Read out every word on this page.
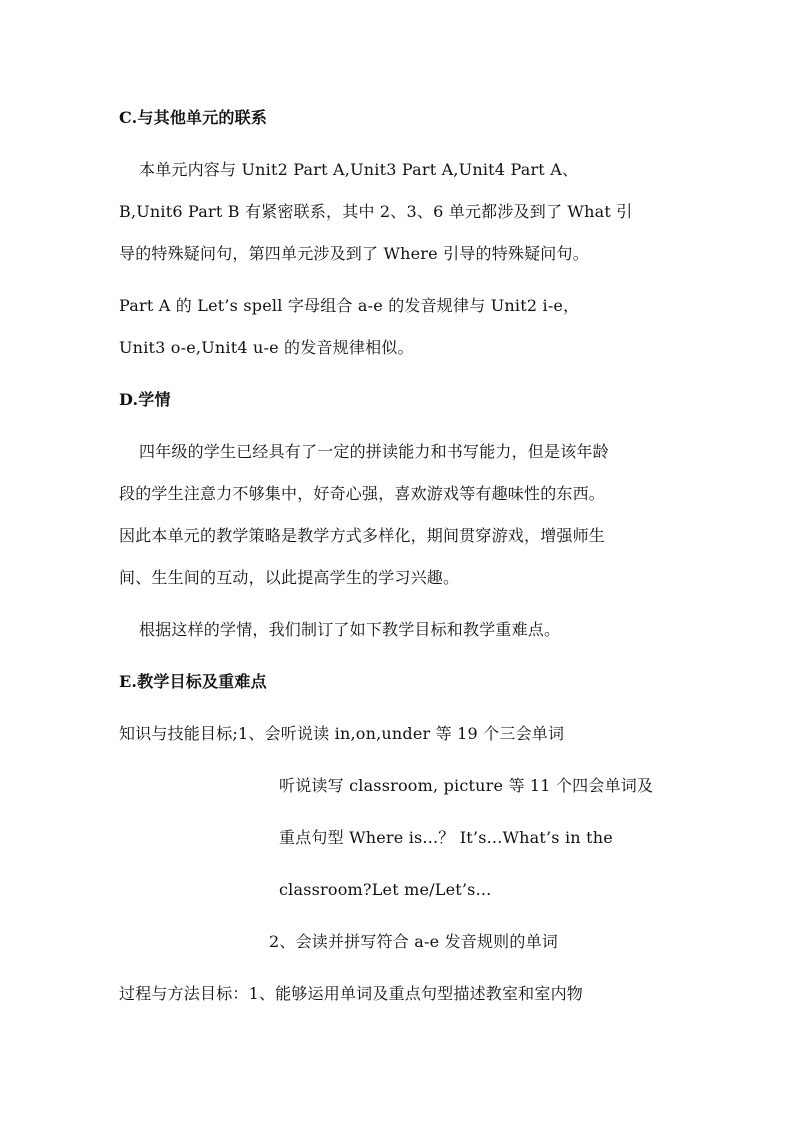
C.与其他单元的联系
本单元内容与 Unit2 Part A,Unit3 Part A,Unit4 Part A、
B,Unit6 Part B 有紧密联系，其中 2、3、6 单元都涉及到了 What 引
导的特殊疑问句，第四单元涉及到了 Where 引导的特殊疑问句。
Part A 的 Let’s spell 字母组合 a-e 的发音规律与 Unit2 i-e，
Unit3 o-e,Unit4 u-e 的发音规律相似。
D.学情
四年级的学生已经具有了一定的拼读能力和书写能力，但是该年龄
段的学生注意力不够集中，好奇心强，喜欢游戏等有趣味性的东西。
因此本单元的教学策略是教学方式多样化，期间贯穿游戏，增强师生
间、生生间的互动，以此提高学生的学习兴趣。
根据这样的学情，我们制订了如下教学目标和教学重难点。
E.教学目标及重难点
知识与技能目标;1、会听说读 in,on,under 等 19 个三会单词
听说读写 classroom, picture 等 11 个四会单词及
重点句型 Where is...？ It’s...What’s in the
classroom?Let me/Let’s...
2、会读并拼写符合 a-e 发音规则的单词
过程与方法目标：1、能够运用单词及重点句型描述教室和室内物
